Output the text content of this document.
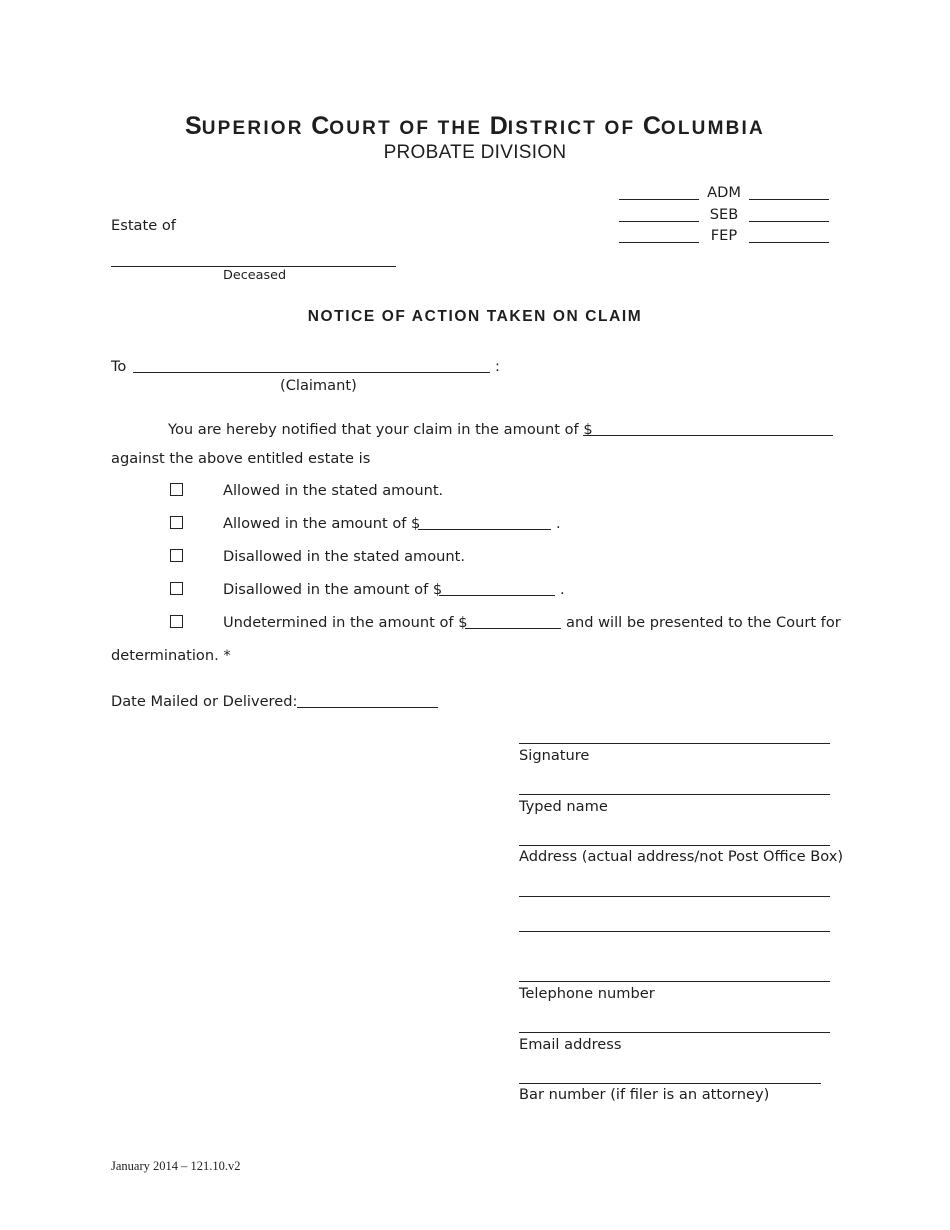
SUPERIOR COURT OF THE DISTRICT OF COLUMBIA
PROBATE DIVISION
ADM
SEB
FEP
Estate of
Deceased
NOTICE OF ACTION TAKEN ON CLAIM
To	:
(Claimant)
You are hereby notified that your claim in the amount of $
against the above entitled estate is
Allowed in the stated amount.
Allowed in the amount of $	.
Disallowed in the stated amount.
Disallowed in the amount of $	.
Undetermined in the amount of $	and will be presented to the Court for
determination. *
Date Mailed or Delivered:
Signature
Typed name
Address (actual address/not Post Office Box)
Telephone number
Email address
Bar number (if filer is an attorney)
January 2014 – 121.10.v2
